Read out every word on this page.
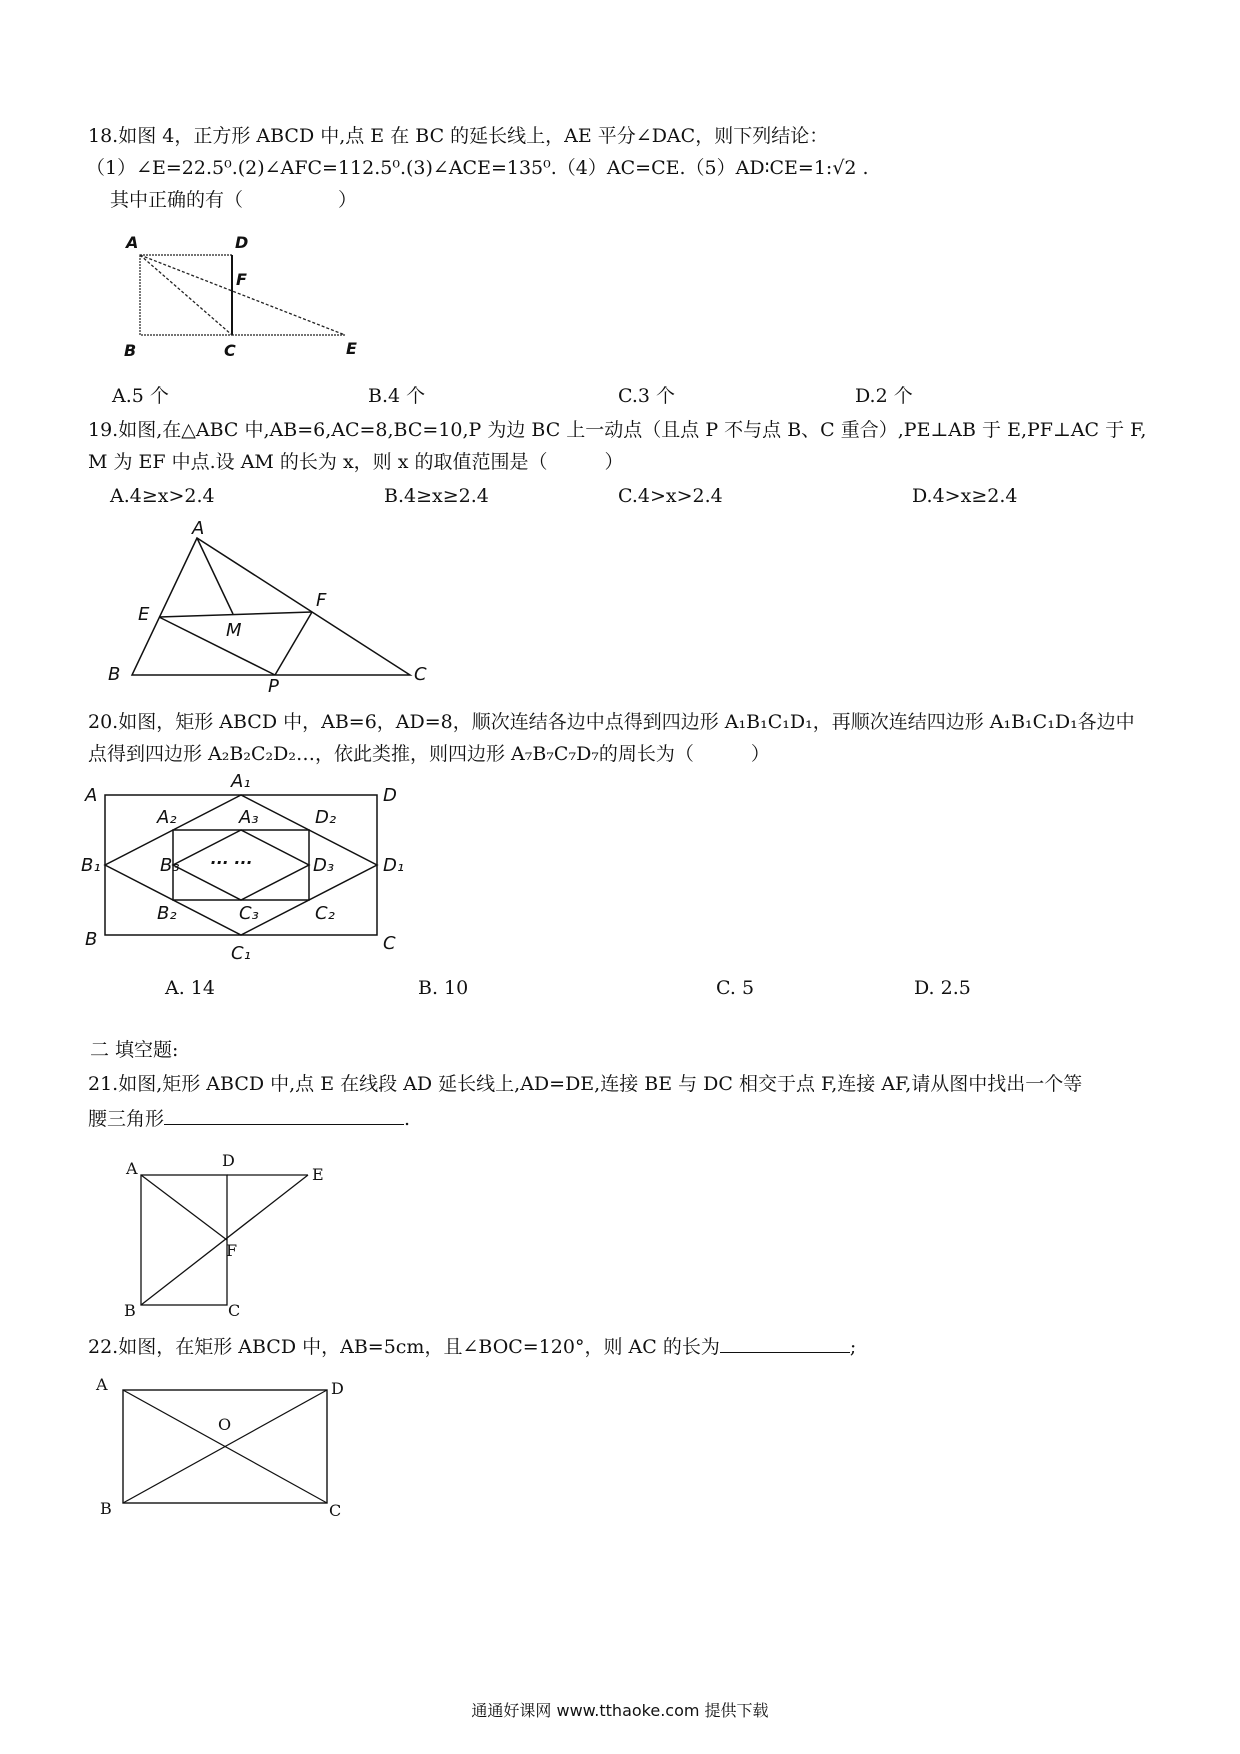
18.如图 4，正方形 ABCD 中,点 E 在 BC 的延长线上，AE 平分∠DAC，则下列结论：
（1）∠E=22.5⁰.(2)∠AFC=112.5⁰.(3)∠ACE=135⁰.（4）AC=CE.（5）AD∶CE=1:√2 .
其中正确的有（　　　　　）
A	D
F
B	C	E
A.5 个	B.4 个	C.3 个	D.2 个
19.如图,在△ABC 中,AB=6,AC=8,BC=10,P 为边 BC 上一动点（且点 P 不与点 B、C 重合）,PE⊥AB 于 E,PF⊥AC 于 F,
M 为 EF 中点.设 AM 的长为 x，则 x 的取值范围是（　　　）
A.4≥x>2.4	B.4≥x≥2.4	C.4>x>2.4	D.4>x≥2.4
A
E
F
M
B
P
C
20.如图，矩形 ABCD 中，AB=6，AD=8，顺次连结各边中点得到四边形 A₁B₁C₁D₁，再顺次连结四边形 A₁B₁C₁D₁各边中
点得到四边形 A₂B₂C₂D₂…，依此类推，则四边形 A₇B₇C₇D₇的周长为（　　　）
A	D
B	C
A₁
B₁
C₁
D₁
A₂
B₂	C₂
D₂
A₃
B₃
C₃
D₃
··· ···
A. 14	B. 10	C. 5	D. 2.5
二 填空题:
21.如图,矩形 ABCD 中,点 E 在线段 AD 延长线上,AD=DE,连接 BE 与 DC 相交于点 F,连接 AF,请从图中找出一个等
腰三角形	.
A	D
E
F
B	C
22.如图，在矩形 ABCD 中，AB=5cm，且∠BOC=120°，则 AC 的长为	;
A	D
O
B	C
通通好课网 www.tthaoke.com 提供下载
